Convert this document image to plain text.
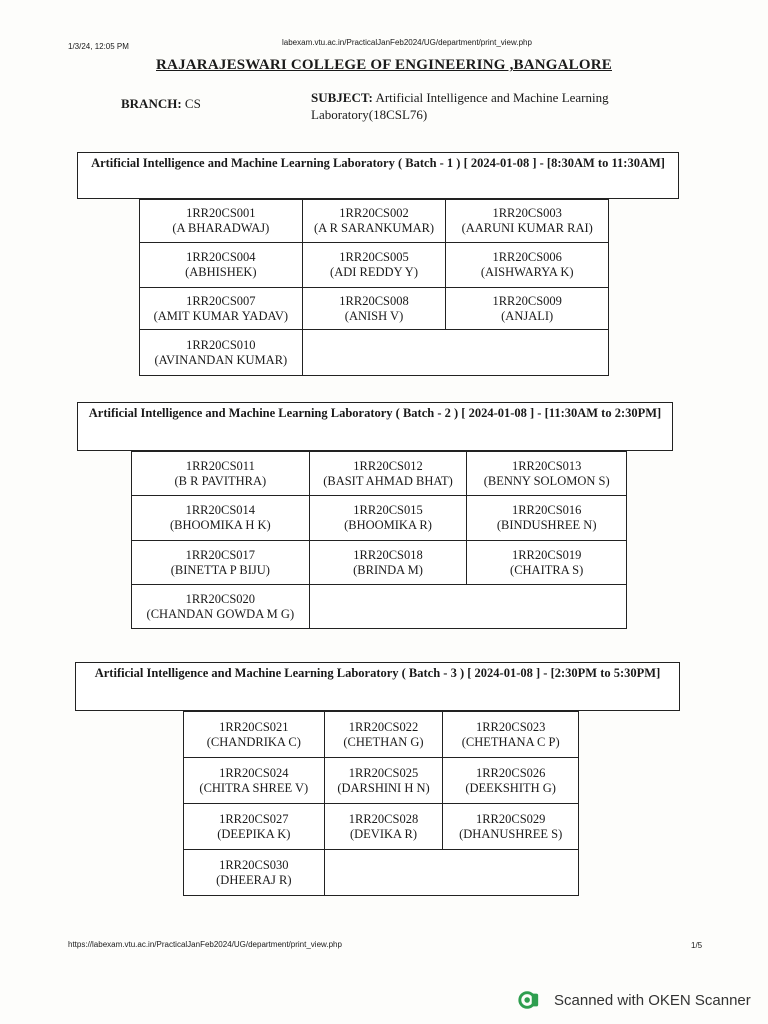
1/3/24, 12:05 PM	labexam.vtu.ac.in/PracticalJanFeb2024/UG/department/print_view.php
RAJARAJESWARI COLLEGE OF ENGINEERING ,BANGALORE
BRANCH: CS	SUBJECT: Artificial Intelligence and Machine Learning Laboratory(18CSL76)
Artificial Intelligence and Machine Learning Laboratory ( Batch - 1 ) [ 2024-01-08 ] - [8:30AM to 11:30AM]
1RR20CS001
(A BHARADWAJ)	1RR20CS002
(A R SARANKUMAR)	1RR20CS003
(AARUNI KUMAR RAI)

1RR20CS004
(ABHISHEK)	1RR20CS005
(ADI REDDY Y)	1RR20CS006
(AISHWARYA K)

1RR20CS007
(AMIT KUMAR YADAV)	1RR20CS008
(ANISH V)	1RR20CS009
(ANJALI)

1RR20CS010
(AVINANDAN KUMAR)		

Artificial Intelligence and Machine Learning Laboratory ( Batch - 2 ) [ 2024-01-08 ] - [11:30AM to 2:30PM]
1RR20CS011
(B R PAVITHRA)	1RR20CS012
(BASIT AHMAD BHAT)	1RR20CS013
(BENNY SOLOMON S)

1RR20CS014
(BHOOMIKA H K)	1RR20CS015
(BHOOMIKA R)	1RR20CS016
(BINDUSHREE N)

1RR20CS017
(BINETTA P BIJU)	1RR20CS018
(BRINDA M)	1RR20CS019
(CHAITRA S)

1RR20CS020
(CHANDAN GOWDA M G)		

Artificial Intelligence and Machine Learning Laboratory ( Batch - 3 ) [ 2024-01-08 ] - [2:30PM to 5:30PM]
1RR20CS021
(CHANDRIKA C)	1RR20CS022
(CHETHAN G)	1RR20CS023
(CHETHANA C P)

1RR20CS024
(CHITRA SHREE V)	1RR20CS025
(DARSHINI H N)	1RR20CS026
(DEEKSHITH G)

1RR20CS027
(DEEPIKA K)	1RR20CS028
(DEVIKA R)	1RR20CS029
(DHANUSHREE S)

1RR20CS030
(DHEERAJ R)		

https://labexam.vtu.ac.in/PracticalJanFeb2024/UG/department/print_view.php	1/5
Scanned with OKEN Scanner
